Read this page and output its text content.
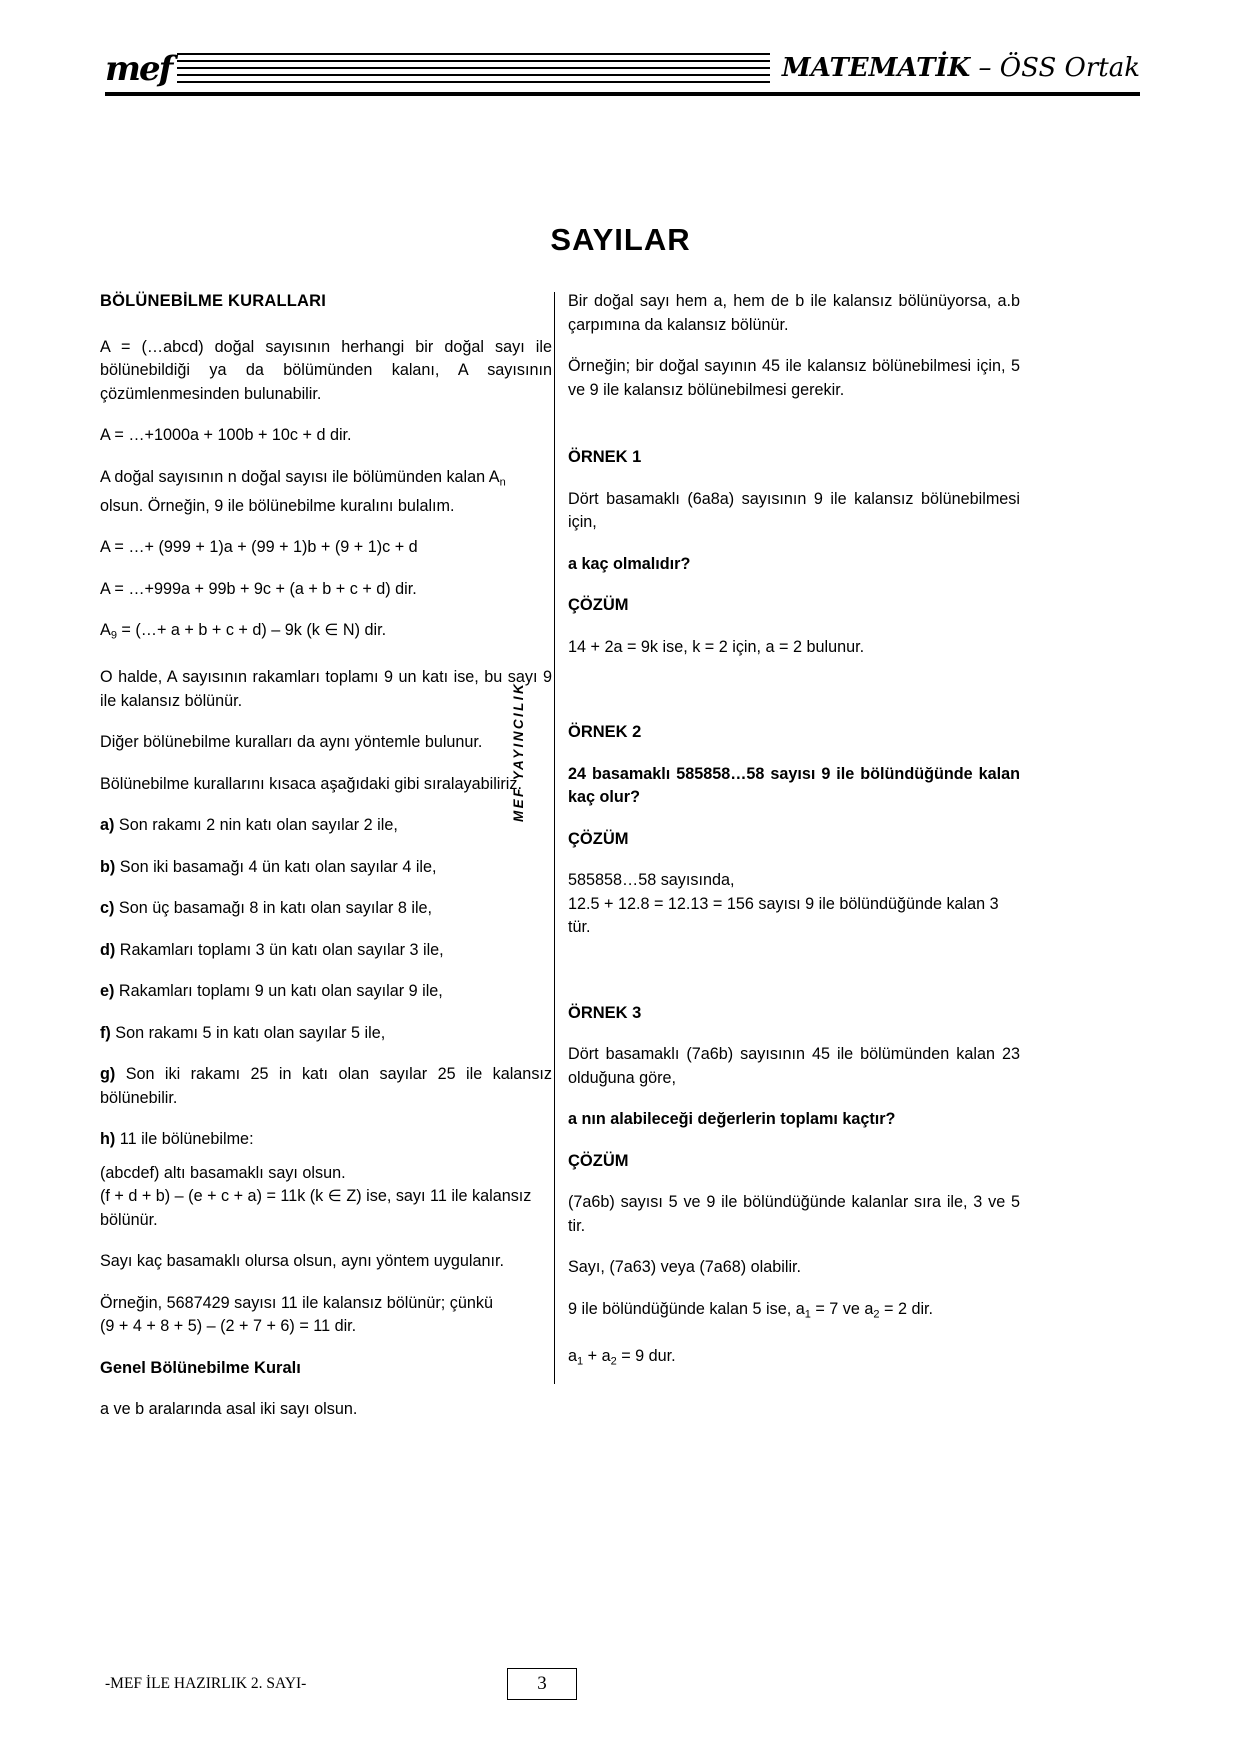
mef	MATEMATİK – ÖSS Ortak
SAYILAR
MEF YAYINCILIK
BÖLÜNEBİLME KURALLARI

A = (…abcd) doğal sayısının herhangi bir doğal sayı ile bölünebildiği ya da bölümünden kalanı, A sayısının çözümlenmesinden bulunabilir.

A = …+1000a + 100b + 10c + d dir.

A doğal sayısının n doğal sayısı ile bölümünden kalan $A_n$

olsun. Örneğin, 9 ile bölünebilme kuralını bulalım.

A = …+ (999 + 1)a + (99 + 1)b + (9 + 1)c + d

A = …+999a + 99b + 9c + (a + b + c + d) dir.

$A_9$ = (…+ a + b + c + d) – 9k (k ∈ N) dir.

O halde, A sayısının rakamları toplamı 9 un katı ise, bu sayı 9 ile kalansız bölünür.

Diğer bölünebilme kuralları da aynı yöntemle bulunur.

Bölünebilme kurallarını kısaca aşağıdaki gibi sıralayabiliriz.

a) Son rakamı 2 nin katı olan sayılar 2 ile,

b) Son iki basamağı 4 ün katı olan sayılar 4 ile,

c) Son üç basamağı 8 in katı olan sayılar 8 ile,

d) Rakamları toplamı 3 ün katı olan sayılar 3 ile,

e) Rakamları toplamı 9 un katı olan sayılar 9 ile,

f) Son rakamı 5 in katı olan sayılar 5 ile,

g) Son iki rakamı 25 in katı olan sayılar 25 ile kalansız bölünebilir.

h) 11 ile bölünebilme:

(abcdef) altı basamaklı sayı olsun.

(f + d + b) – (e + c + a) = 11k (k ∈ Z) ise, sayı 11 ile kalansız bölünür.

Sayı kaç basamaklı olursa olsun, aynı yöntem uygulanır.

Örneğin, 5687429 sayısı 11 ile kalansız bölünür; çünkü

(9 + 4 + 8 + 5) – (2 + 7 + 6) = 11 dir.

Genel Bölünebilme Kuralı

a ve b aralarında asal iki sayı olsun.

Bir doğal sayı hem a, hem de b ile kalansız bölünüyorsa, a.b çarpımına da kalansız bölünür.

Örneğin; bir doğal sayının 45 ile kalansız bölünebilmesi için, 5 ve 9 ile kalansız bölünebilmesi gerekir.

ÖRNEK 1

Dört basamaklı (6a8a) sayısının 9 ile kalansız bölünebilmesi için,

a kaç olmalıdır?

ÇÖZÜM

14 + 2a = 9k ise, k = 2 için, a = 2 bulunur.

ÖRNEK 2

24 basamaklı 585858…58 sayısı 9 ile bölündüğünde kalan kaç olur?

ÇÖZÜM

585858…58 sayısında,

12.5 + 12.8 = 12.13 = 156 sayısı 9 ile bölündüğünde kalan 3 tür.

ÖRNEK 3

Dört basamaklı (7a6b) sayısının 45 ile bölümünden kalan 23 olduğuna göre,

a nın alabileceği değerlerin toplamı kaçtır?

ÇÖZÜM

(7a6b) sayısı 5 ve 9 ile bölündüğünde kalanlar sıra ile, 3 ve 5 tir.

Sayı, (7a63) veya (7a68) olabilir.

9 ile bölündüğünde kalan 5 ise, $a_1 = 7$ ve $a_2 = 2$ dir.

$a_1 + a_2 = 9$ dur.

-MEF İLE HAZIRLIK 2. SAYI-	3
